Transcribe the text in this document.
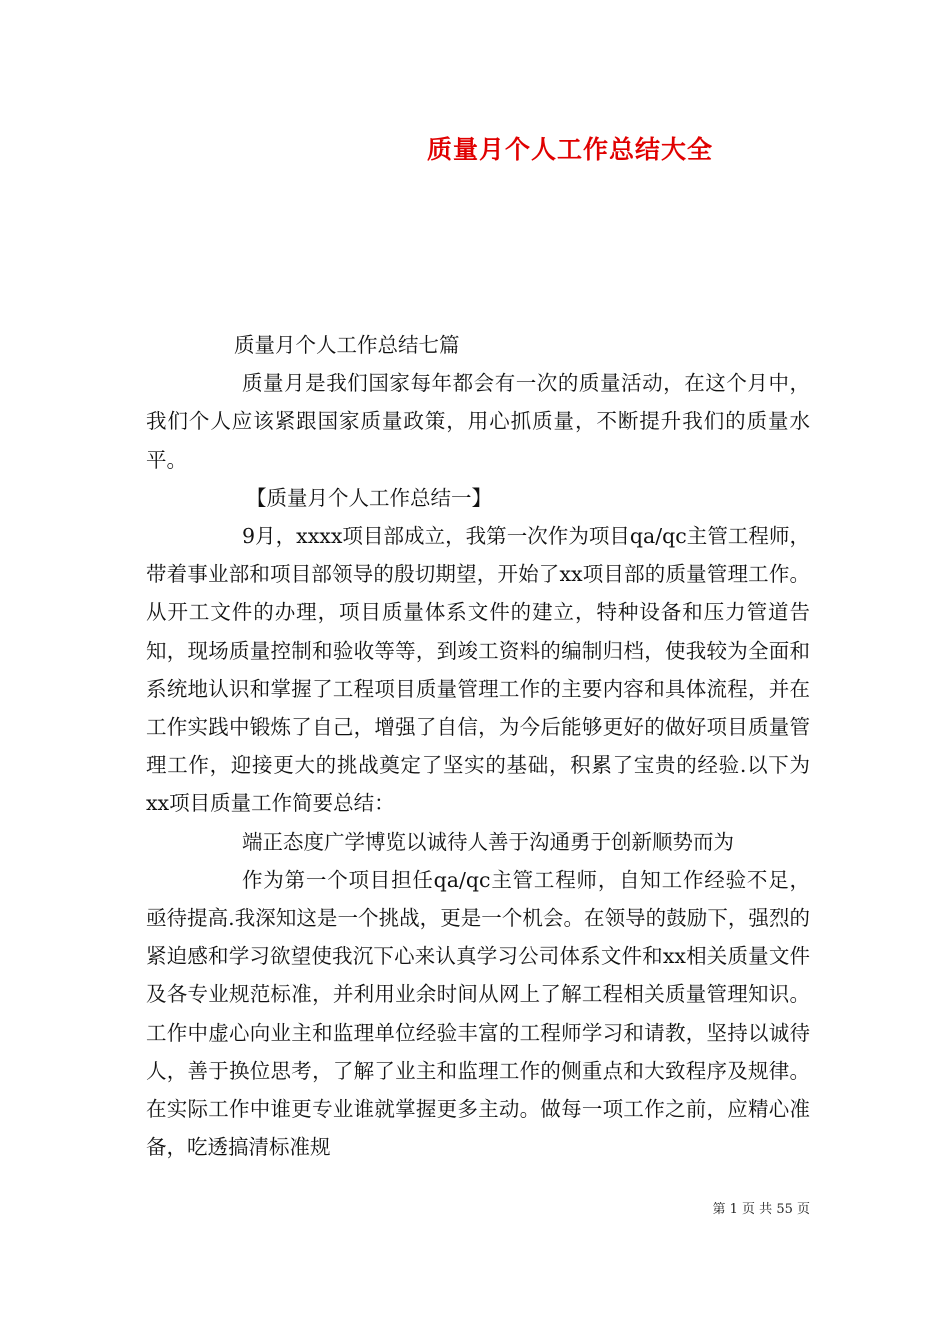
质量月个人工作总结大全

质量月个人工作总结七篇

质量月是我们国家每年都会有一次的质量活动，在这个月中，我们个人应该紧跟国家质量政策，用心抓质量，不断提升我们的质量水平。

【质量月个人工作总结一】

9月，xxxx项目部成立，我第一次作为项目qa/qc主管工程师，带着事业部和项目部领导的殷切期望，开始了xx项目部的质量管理工作。从开工文件的办理，项目质量体系文件的建立，特种设备和压力管道告知，现场质量控制和验收等等，到竣工资料的编制归档，使我较为全面和系统地认识和掌握了工程项目质量管理工作的主要内容和具体流程，并在工作实践中锻炼了自己，增强了自信，为今后能够更好的做好项目质量管理工作，迎接更大的挑战奠定了坚实的基础，积累了宝贵的经验.以下为xx项目质量工作简要总结：

端正态度广学博览以诚待人善于沟通勇于创新顺势而为

作为第一个项目担任qa/qc主管工程师，自知工作经验不足，亟待提高.我深知这是一个挑战，更是一个机会。在领导的鼓励下，强烈的紧迫感和学习欲望使我沉下心来认真学习公司体系文件和xx相关质量文件及各专业规范标准，并利用业余时间从网上了解工程相关质量管理知识。工作中虚心向业主和监理单位经验丰富的工程师学习和请教，坚持以诚待人，善于换位思考，了解了业主和监理工作的侧重点和大致程序及规律。在实际工作中谁更专业谁就掌握更多主动。做每一项工作之前，应精心准备，吃透搞清标准规

第 1 页 共 55 页
